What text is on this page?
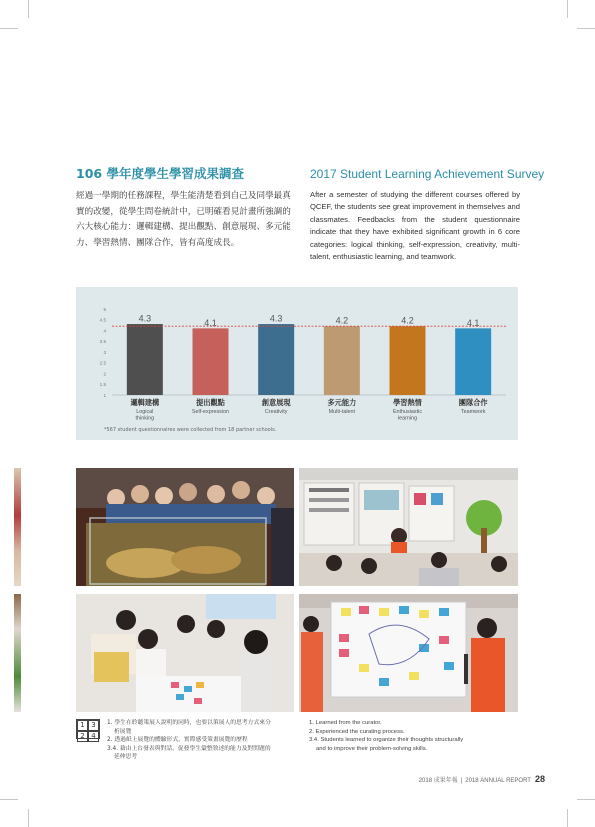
106 學年度學生學習成果調查	2017 Student Learning Achievement Survey
經過一學期的任務課程，學生能清楚看到自己及同學最真實的改變，從學生問卷統計中，已明確看見計畫所強調的六大核心能力：邏輯建構、提出觀點、創意展現、多元能力、學習熱情、團隊合作，皆有高度成長。
After a semester of studying the different courses offered by QCEF, the students see great improvement in themselves and classmates. Feedbacks from the student questionnaire indicate that they have exhibited significant growth in 6 core categories: logical thinking, self-expression, creativity, multi-talent, enthusiastic learning, and teamwork.
1
1.5
2
2.5
3
3.5
4
4.5
5
4.3
邏輯建構
Logical
thinking
4.1
提出觀點
Self-expression
4.3
創意展現
Creativity
4.2
多元能力
Multi-talent
4.2
學習熱情
Enthusiastic
learning
4.1
團隊合作
Teamwork
*567 student questionnaires were collected from 18 partner schools.
1 3
2 4
1. 學生在聆聽策展人說明的同時，也要以策展人的思考方式來分
析展覽
2. 透過紙上展覽的體驗形式，實際感受策畫展覽的歷程
3.4. 藉由上台發表與對話，促發學生彙整敘述的能力及對問題的
延伸思考
1. Learned from the curator.
2. Experienced the curating process.
3.4. Students learned to organize their thoughts structurally
and to improve their problem-solving skills.
2018 成果年報 | 2018 ANNUAL REPORT 28
